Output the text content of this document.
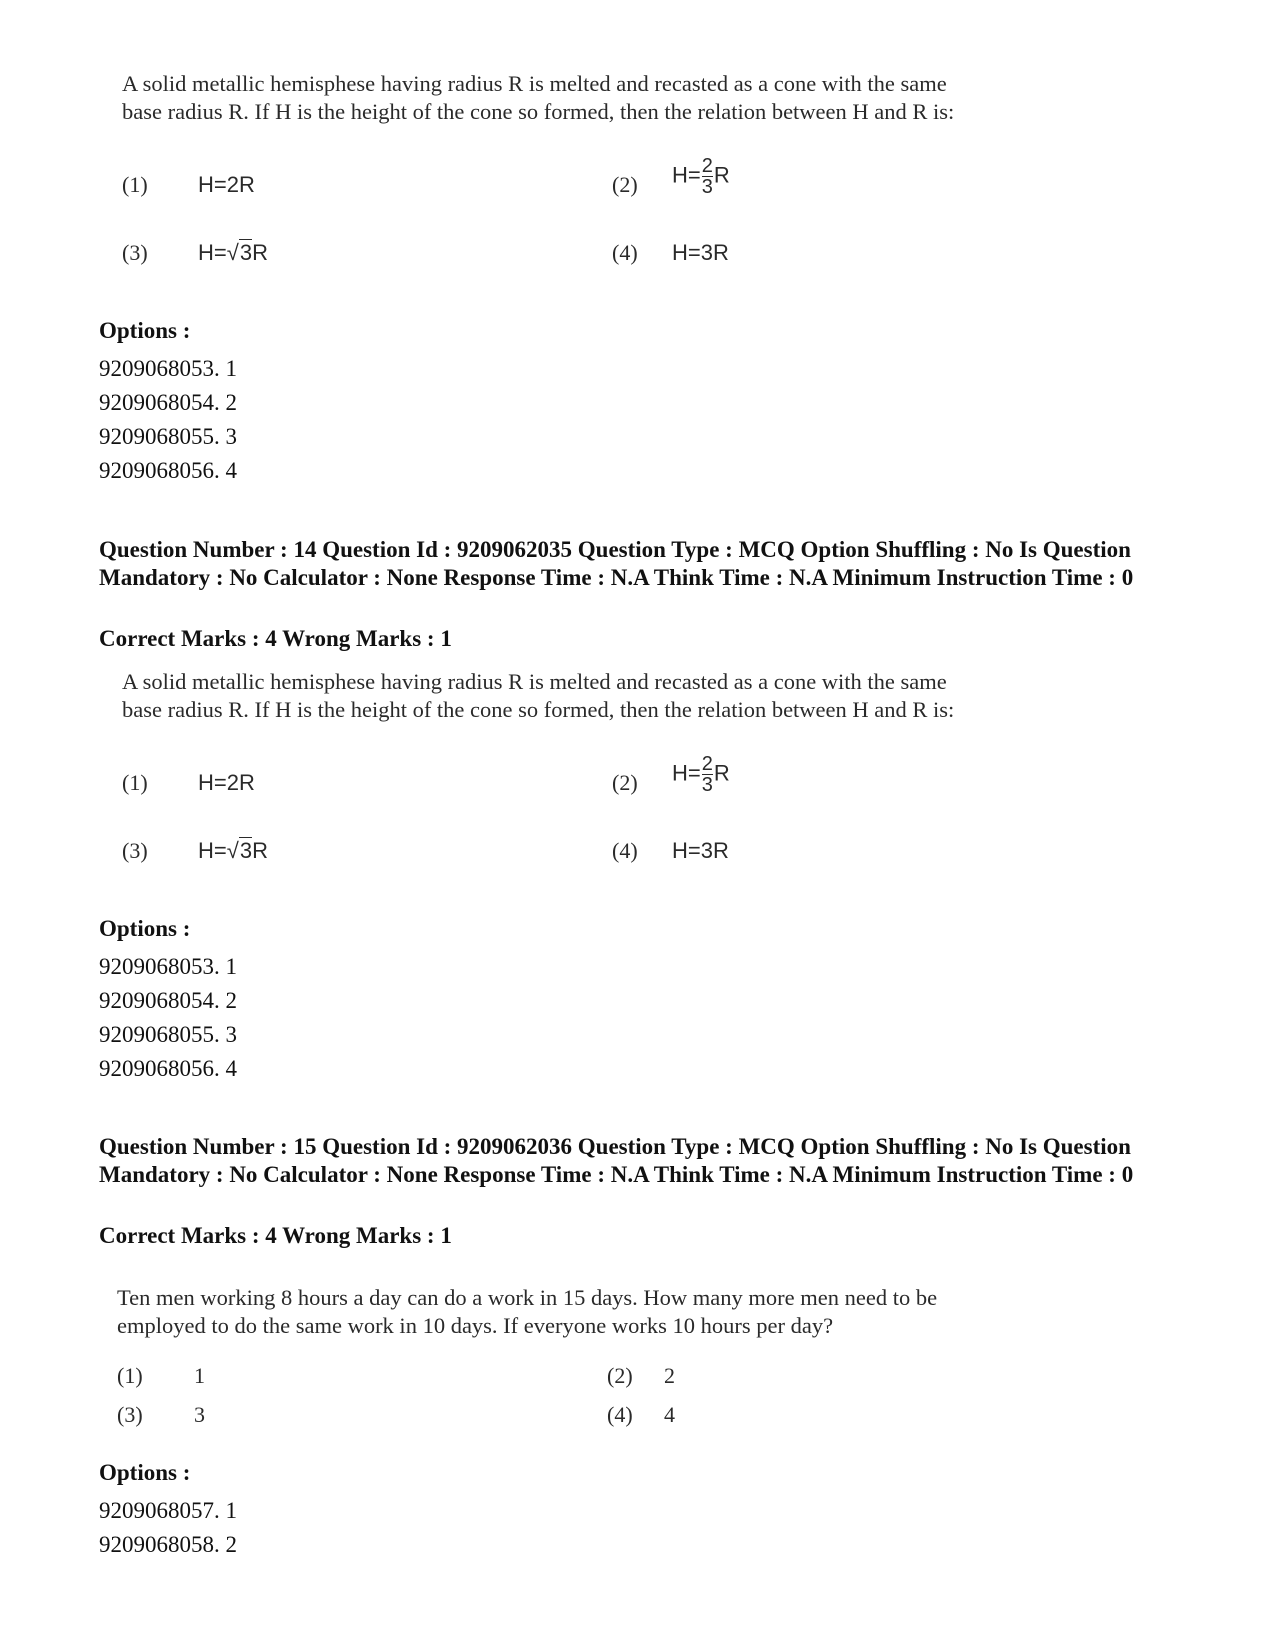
A solid metallic hemisphese having radius R is melted and recasted as a cone with the same

base radius R. If H is the height of the cone so formed, then the relation between H and R is:

(1) H=2R	(2) $H= \frac{2}{3}$ R
(3) H=√3R	(4) H=3R
Options :
9209068053. 1
9209068054. 2
9209068055. 3
9209068056. 4
Question Number : 14 Question Id : 9209062035 Question Type : MCQ Option Shuffling : No Is Question Mandatory : No Calculator : None Response Time : N.A Think Time : N.A Minimum Instruction Time : 0
Correct Marks : 4 Wrong Marks : 1

A solid metallic hemisphese having radius R is melted and recasted as a cone with the same

base radius R. If H is the height of the cone so formed, then the relation between H and R is:

(1) H=2R	(2) $H= \frac{2}{3}$ R
(3) H=√3R	(4) H=3R
Options :
9209068053. 1
9209068054. 2
9209068055. 3
9209068056. 4
Question Number : 15 Question Id : 9209062036 Question Type : MCQ Option Shuffling : No Is Question Mandatory : No Calculator : None Response Time : N.A Think Time : N.A Minimum Instruction Time : 0
Correct Marks : 4 Wrong Marks : 1

Ten men working 8 hours a day can do a work in 15 days. How many more men need to be

employed to do the same work in 10 days. If everyone works 10 hours per day?

(1) 1	(2) 2
(3) 3	(4) 4
Options :
9209068057. 1
9209068058. 2
